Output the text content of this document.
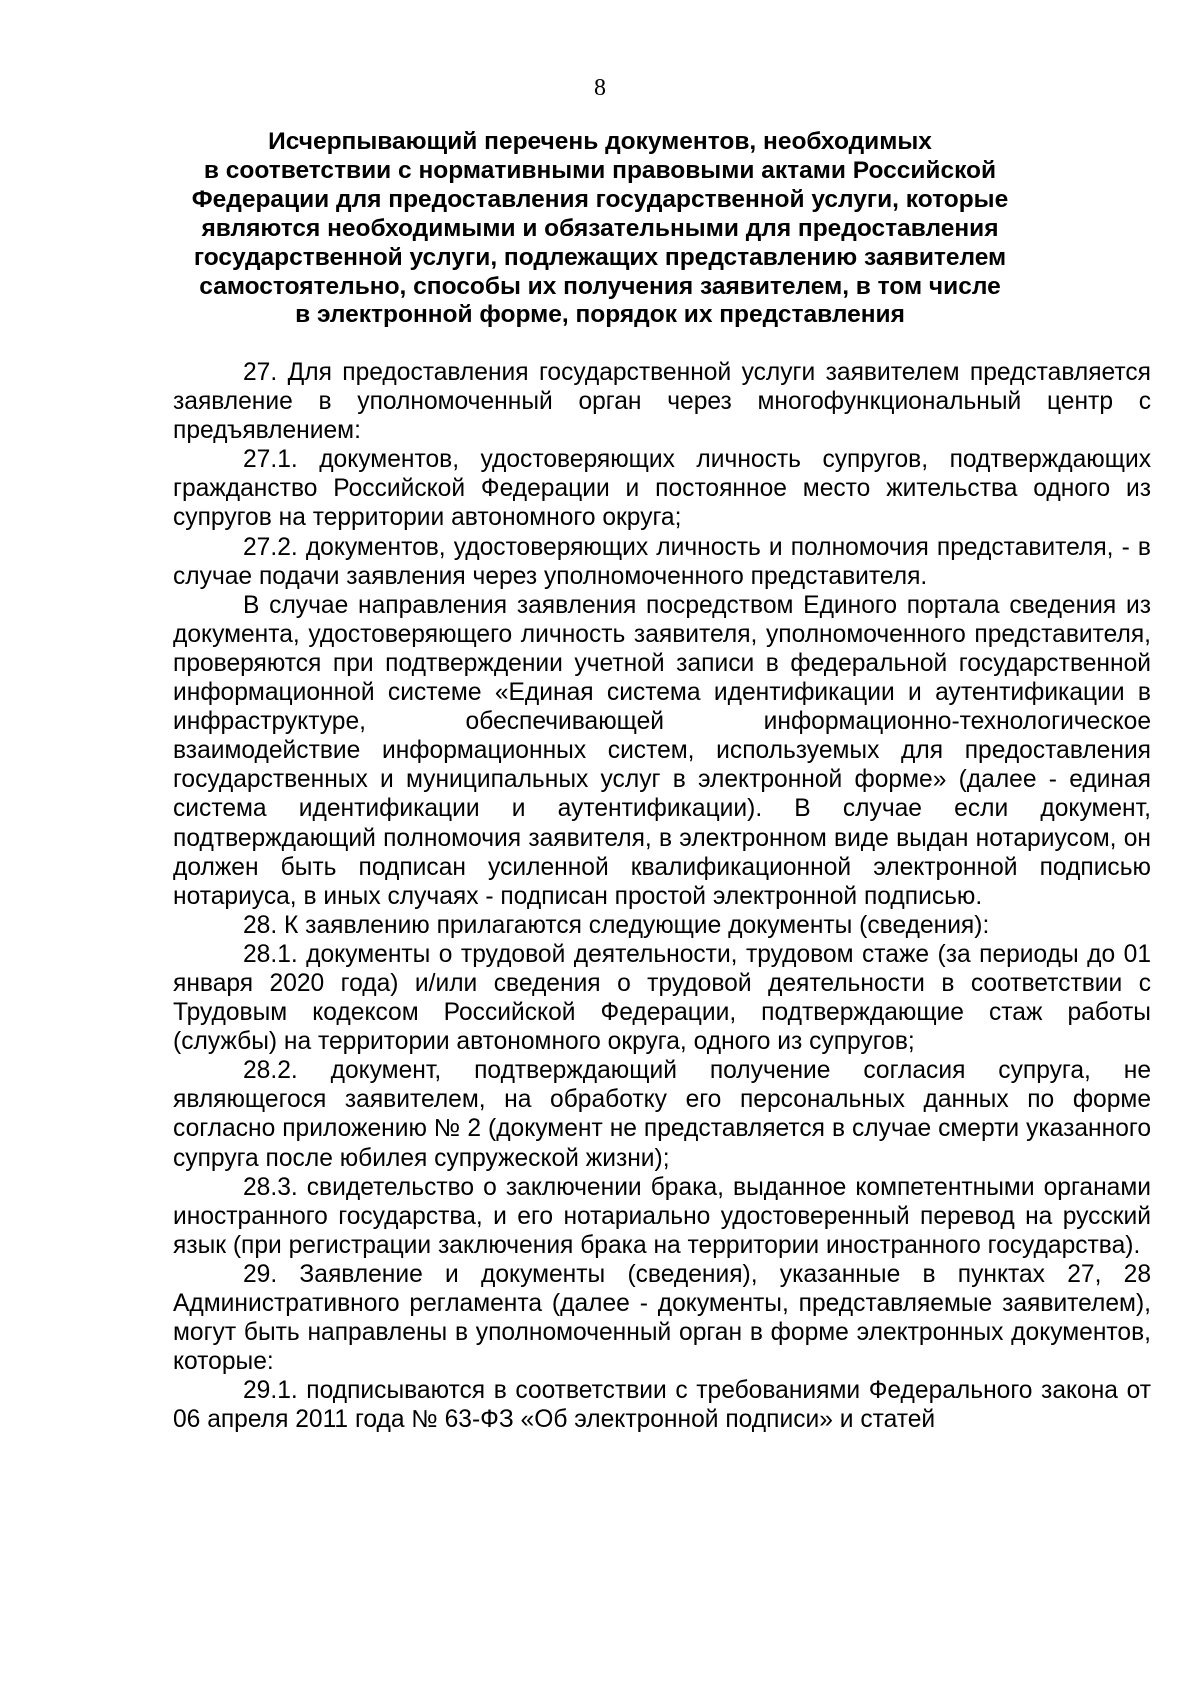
8
Исчерпывающий перечень документов, необходимых
в соответствии с нормативными правовыми актами Российской
Федерации для предоставления государственной услуги, которые
являются необходимыми и обязательными для предоставления
государственной услуги, подлежащих представлению заявителем
самостоятельно, способы их получения заявителем, в том числе
в электронной форме, порядок их представления

27. Для предоставления государственной услуги заявителем представляется заявление в уполномоченный орган через многофункциональный центр с предъявлением:

27.1. документов, удостоверяющих личность супругов, подтверждающих гражданство Российской Федерации и постоянное место жительства одного из супругов на территории автономного округа;

27.2. документов, удостоверяющих личность и полномочия представителя, - в случае подачи заявления через уполномоченного представителя.

В случае направления заявления посредством Единого портала сведения из документа, удостоверяющего личность заявителя, уполномоченного представителя, проверяются при подтверждении учетной записи в федеральной государственной информационной системе «Единая система идентификации и аутентификации в инфраструктуре, обеспечивающей информационно-технологическое взаимодействие информационных систем, используемых для предоставления государственных и муниципальных услуг в электронной форме» (далее - единая система идентификации и аутентификации). В случае если документ, подтверждающий полномочия заявителя, в электронном виде выдан нотариусом, он должен быть подписан усиленной квалификационной электронной подписью нотариуса, в иных случаях - подписан простой электронной подписью.

28. К заявлению прилагаются следующие документы (сведения):

28.1. документы о трудовой деятельности, трудовом стаже (за периоды до 01 января 2020 года) и/или сведения о трудовой деятельности в соответствии с Трудовым кодексом Российской Федерации, подтверждающие стаж работы (службы) на территории автономного округа, одного из супругов;

28.2. документ, подтверждающий получение согласия супруга, не являющегося заявителем, на обработку его персональных данных по форме согласно приложению № 2 (документ не представляется в случае смерти указанного супруга после юбилея супружеской жизни);

28.3. свидетельство о заключении брака, выданное компетентными органами иностранного государства, и его нотариально удостоверенный перевод на русский язык (при регистрации заключения брака на территории иностранного государства).

29. Заявление и документы (сведения), указанные в пунктах 27, 28 Административного регламента (далее - документы, представляемые заявителем), могут быть направлены в уполномоченный орган в форме электронных документов, которые:

29.1. подписываются в соответствии с требованиями Федерального закона от 06 апреля 2011 года № 63-ФЗ «Об электронной подписи» и статей
